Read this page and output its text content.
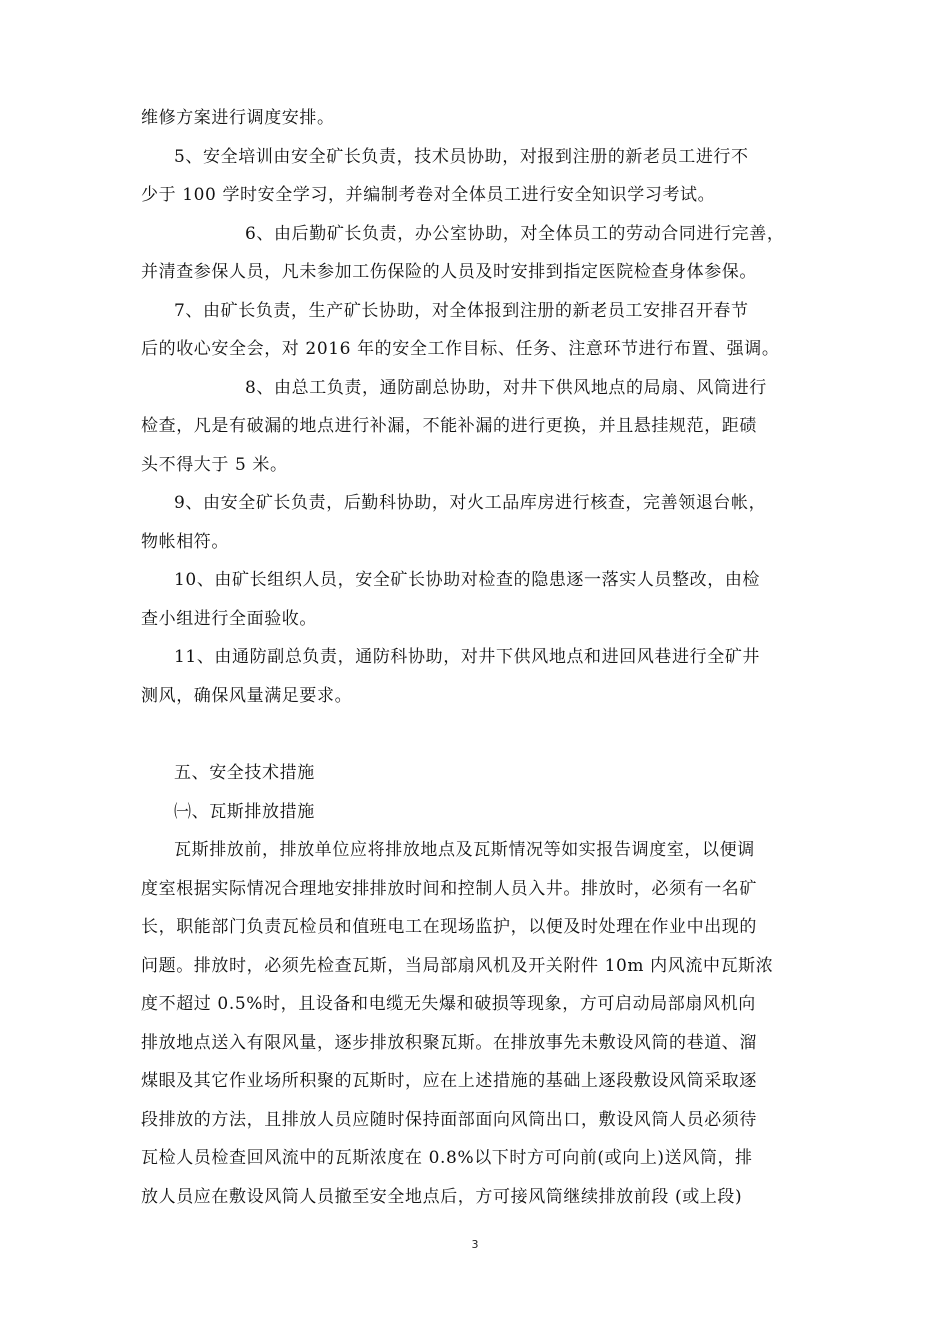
维修方案进行调度安排。
5、安全培训由安全矿长负责，技术员协助，对报到注册的新老员工进行不
少于 100 学时安全学习，并编制考卷对全体员工进行安全知识学习考试。
6、由后勤矿长负责，办公室协助，对全体员工的劳动合同进行完善，
并清查参保人员，凡未参加工伤保险的人员及时安排到指定医院检查身体参保。
7、由矿长负责，生产矿长协助，对全体报到注册的新老员工安排召开春节
后的收心安全会，对 2016 年的安全工作目标、任务、注意环节进行布置、强调。
8、由总工负责，通防副总协助，对井下供风地点的局扇、风筒进行
检查，凡是有破漏的地点进行补漏，不能补漏的进行更换，并且悬挂规范，距碛
头不得大于 5 米。
9、由安全矿长负责，后勤科协助，对火工品库房进行核查，完善领退台帐，
物帐相符。
10、由矿长组织人员，安全矿长协助对检查的隐患逐一落实人员整改，由检
查小组进行全面验收。
11、由通防副总负责，通防科协助，对井下供风地点和进回风巷进行全矿井
测风，确保风量满足要求。
五、安全技术措施
㈠、瓦斯排放措施
瓦斯排放前，排放单位应将排放地点及瓦斯情况等如实报告调度室，以便调
度室根据实际情况合理地安排排放时间和控制人员入井。排放时，必须有一名矿
长，职能部门负责瓦检员和值班电工在现场监护，以便及时处理在作业中出现的
问题。排放时，必须先检查瓦斯，当局部扇风机及开关附件 10m 内风流中瓦斯浓
度不超过 0.5%时，且设备和电缆无失爆和破损等现象，方可启动局部扇风机向
排放地点送入有限风量，逐步排放积聚瓦斯。在排放事先未敷设风筒的巷道、溜
煤眼及其它作业场所积聚的瓦斯时，应在上述措施的基础上逐段敷设风筒采取逐
段排放的方法，且排放人员应随时保持面部面向风筒出口，敷设风筒人员必须待
瓦检人员检查回风流中的瓦斯浓度在 0.8%以下时方可向前(或向上)送风筒，排
放人员应在敷设风筒人员撤至安全地点后，方可接风筒继续排放前段 (或上段)
3
